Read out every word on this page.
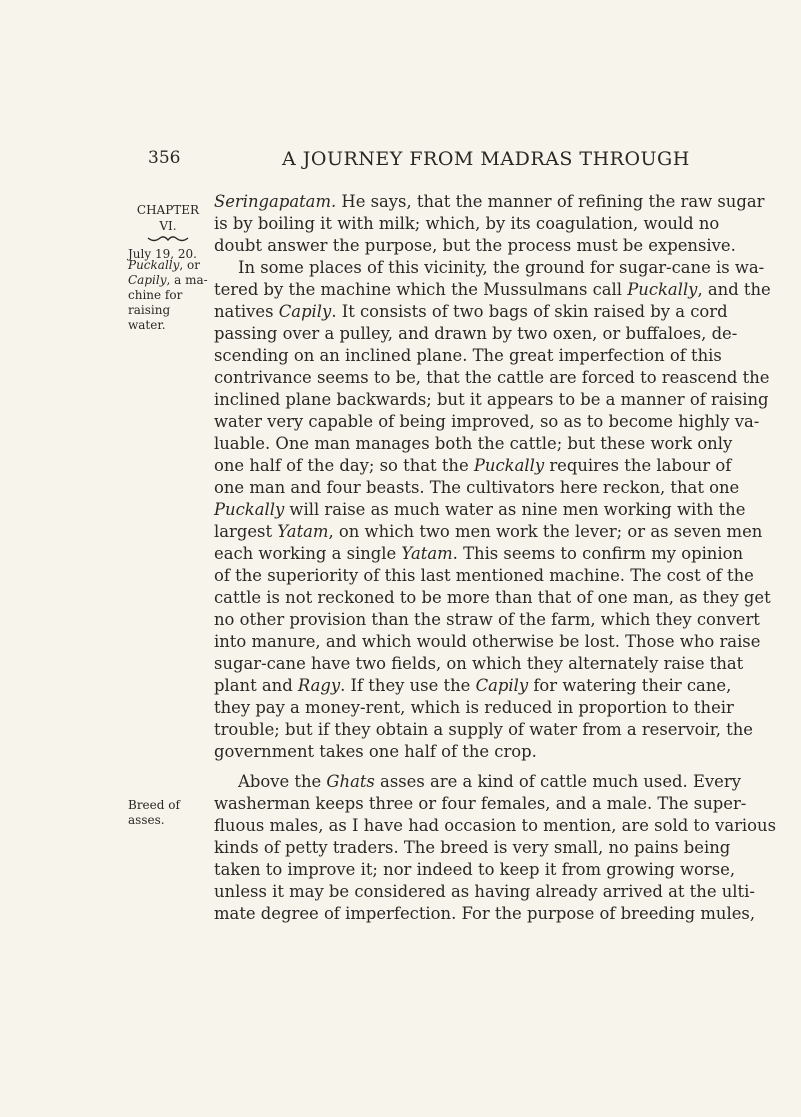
356	A JOURNEY FROM MADRAS THROUGH
CHAPTER
VI.
July 19, 20.
Puckally, or
Capily, a ma-
chine for
raising water.
Breed of
asses.
Seringapatam. He says, that the manner of refining the raw sugar
is by boiling it with milk; which, by its coagulation, would no
doubt answer the purpose, but the process must be expensive.
In some places of this vicinity, the ground for sugar-cane is wa-
tered by the machine which the Mussulmans call Puckally, and the
natives Capily. It consists of two bags of skin raised by a cord
passing over a pulley, and drawn by two oxen, or buffaloes, de-
scending on an inclined plane. The great imperfection of this
contrivance seems to be, that the cattle are forced to reascend the
inclined plane backwards; but it appears to be a manner of raising
water very capable of being improved, so as to become highly va-
luable. One man manages both the cattle; but these work only
one half of the day; so that the Puckally requires the labour of
one man and four beasts. The cultivators here reckon, that one
Puckally will raise as much water as nine men working with the
largest Yatam, on which two men work the lever; or as seven men
each working a single Yatam. This seems to confirm my opinion
of the superiority of this last mentioned machine. The cost of the
cattle is not reckoned to be more than that of one man, as they get
no other provision than the straw of the farm, which they convert
into manure, and which would otherwise be lost. Those who raise
sugar-cane have two fields, on which they alternately raise that
plant and Ragy. If they use the Capily for watering their cane,
they pay a money-rent, which is reduced in proportion to their
trouble; but if they obtain a supply of water from a reservoir, the
government takes one half of the crop.
Above the Ghats asses are a kind of cattle much used. Every
washerman keeps three or four females, and a male. The super-
fluous males, as I have had occasion to mention, are sold to various
kinds of petty traders. The breed is very small, no pains being
taken to improve it; nor indeed to keep it from growing worse,
unless it may be considered as having already arrived at the ulti-
mate degree of imperfection. For the purpose of breeding mules,
